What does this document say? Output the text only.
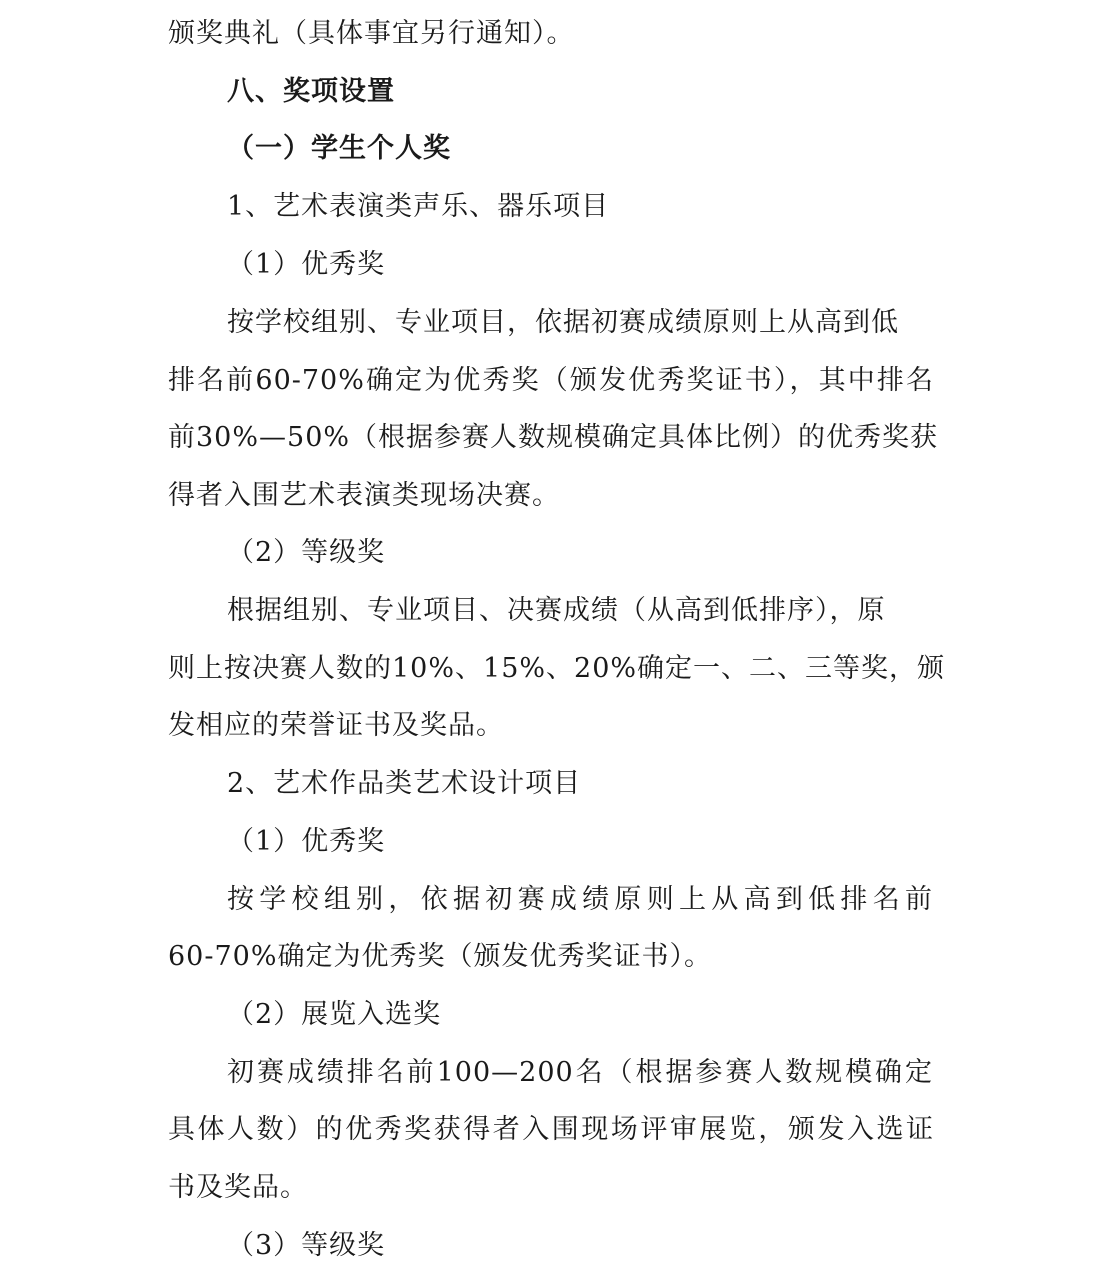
颁奖典礼（具体事宜另行通知）。
八、奖项设置
（一）学生个人奖
1、艺术表演类声乐、器乐项目
（1）优秀奖
按学校组别、专业项目，依据初赛成绩原则上从高到低
排名前60-70%确定为优秀奖（颁发优秀奖证书），其中排名
前30%—50%（根据参赛人数规模确定具体比例）的优秀奖获
得者入围艺术表演类现场决赛。
（2）等级奖
根据组别、专业项目、决赛成绩（从高到低排序），原
则上按决赛人数的10%、15%、20%确定一、二、三等奖，颁
发相应的荣誉证书及奖品。
2、艺术作品类艺术设计项目
（1）优秀奖
按学校组别，依据初赛成绩原则上从高到低排名前
60-70%确定为优秀奖（颁发优秀奖证书）。
（2）展览入选奖
初赛成绩排名前100—200名（根据参赛人数规模确定
具体人数）的优秀奖获得者入围现场评审展览，颁发入选证
书及奖品。
（3）等级奖
